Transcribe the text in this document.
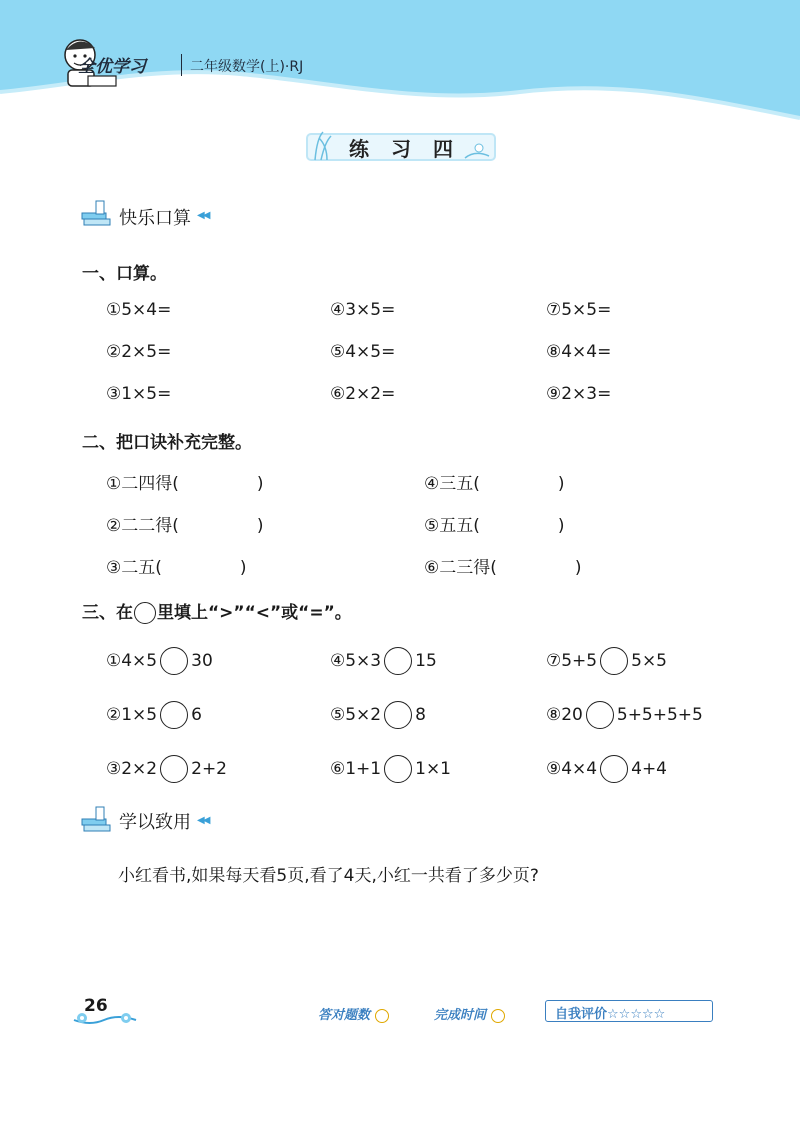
全优学习	二年级数学(上)·RJ
练习四
快乐口算 ◀◀
一、口算。
①5×4=	④3×5=	⑦5×5=
②2×5=	⑤4×5=	⑧4×4=
③1×5=	⑥2×2=	⑨2×3=
二、把口诀补充完整。
①二四得(	)	④三五(	)
②二二得(	)	⑤五五(	)
③二五(	)	⑥二三得(	)
三、在 里填上“>”“<”或“=”。
①4×5 30	④5×3 15	⑦5+5 5×5
②1×5 6	⑤5×2 8	⑧20 5+5+5+5
③2×2 2+2	⑥1+1 1×1	⑨4×4 4+4
学以致用 ◀◀
小红看书,如果每天看5页,看了4天,小红一共看了多少页?
26	答对题数	完成时间	自我评价☆☆☆☆☆
